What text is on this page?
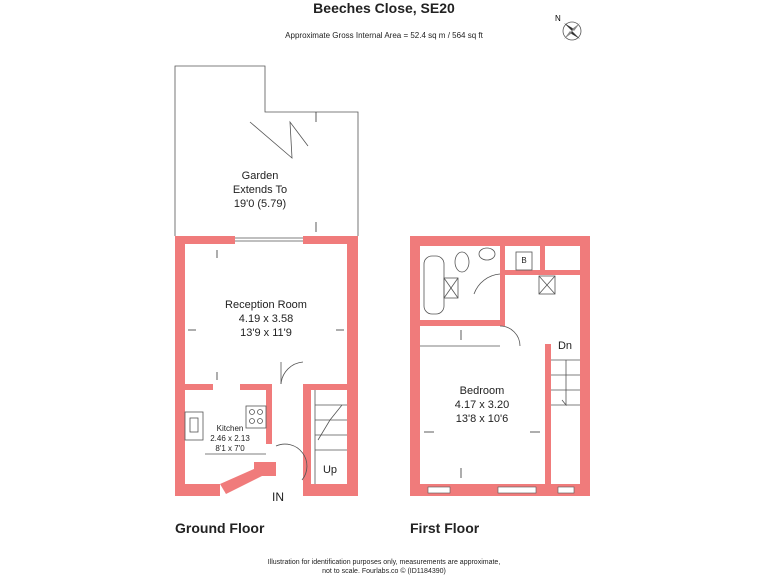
Beeches Close, SE20
Approximate Gross Internal Area = 52.4 sq m / 564 sq ft
N
Garden
Extends To
19'0 (5.79)
Reception Room
4.19 x 3.58
13'9 x 11'9
Kitchen
2.46 x 2.13
8'1 x 7'0
Up
IN
Bedroom
4.17 x 3.20
13'8 x 10'6
B
Dn
Ground Floor	First Floor
Illustration for identification purposes only, measurements are approximate,
not to scale. Fourlabs.co © (ID1184390)
